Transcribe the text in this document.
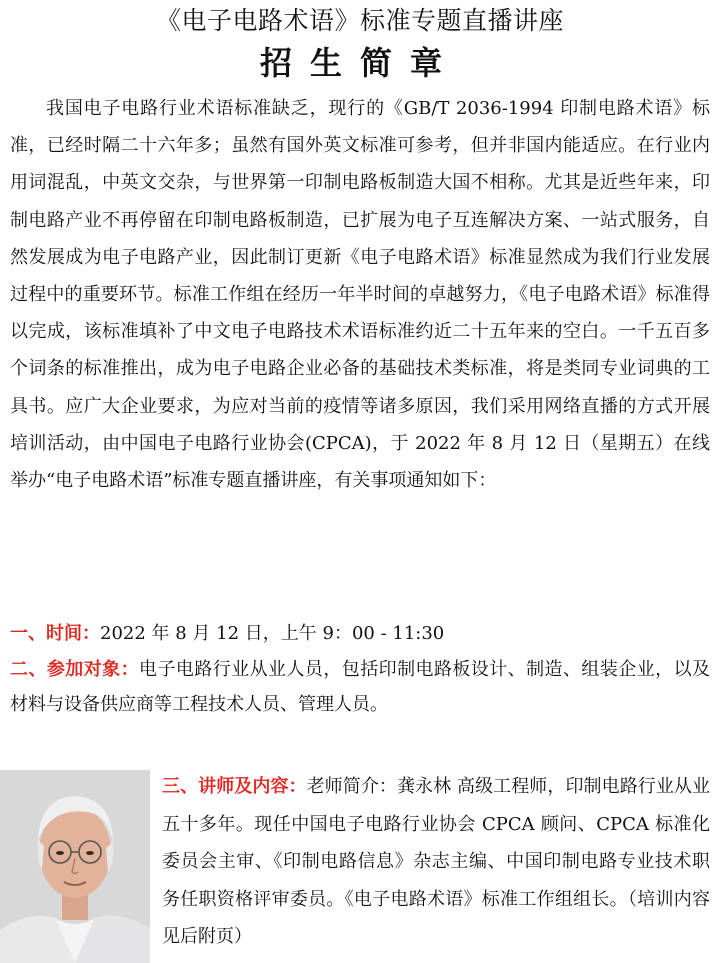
《电子电路术语》标准专题直播讲座
招生简章
我国电子电路行业术语标准缺乏，现行的《GB/T 2036-1994 印制电路术语》标准，已经时隔二十六年多；虽然有国外英文标准可参考，但并非国内能适应。在行业内用词混乱，中英文交杂，与世界第一印制电路板制造大国不相称。尤其是近些年来，印制电路产业不再停留在印制电路板制造，已扩展为电子互连解决方案、一站式服务，自然发展成为电子电路产业，因此制订更新《电子电路术语》标准显然成为我们行业发展过程中的重要环节。标准工作组在经历一年半时间的卓越努力，《电子电路术语》标准得以完成，该标准填补了中文电子电路技术术语标准约近二十五年来的空白。一千五百多个词条的标准推出，成为电子电路企业必备的基础技术类标准，将是类同专业词典的工具书。应广大企业要求，为应对当前的疫情等诸多原因，我们采用网络直播的方式开展培训活动，由中国电子电路行业协会(CPCA)，于 2022 年 8 月 12 日（星期五）在线举办“电子电路术语”标准专题直播讲座，有关事项通知如下：
一、时间：2022 年 8 月 12 日，上午 9：00 - 11:30
二、参加对象：电子电路行业从业人员，包括印制电路板设计、制造、组装企业，以及材料与设备供应商等工程技术人员、管理人员。
三、讲师及内容：老师简介：龚永林 高级工程师，印制电路行业从业五十多年。现任中国电子电路行业协会 CPCA 顾问、CPCA 标准化委员会主审、《印制电路信息》杂志主编、中国印制电路专业技术职务任职资格评审委员。《电子电路术语》标准工作组组长。（培训内容见后附页）
